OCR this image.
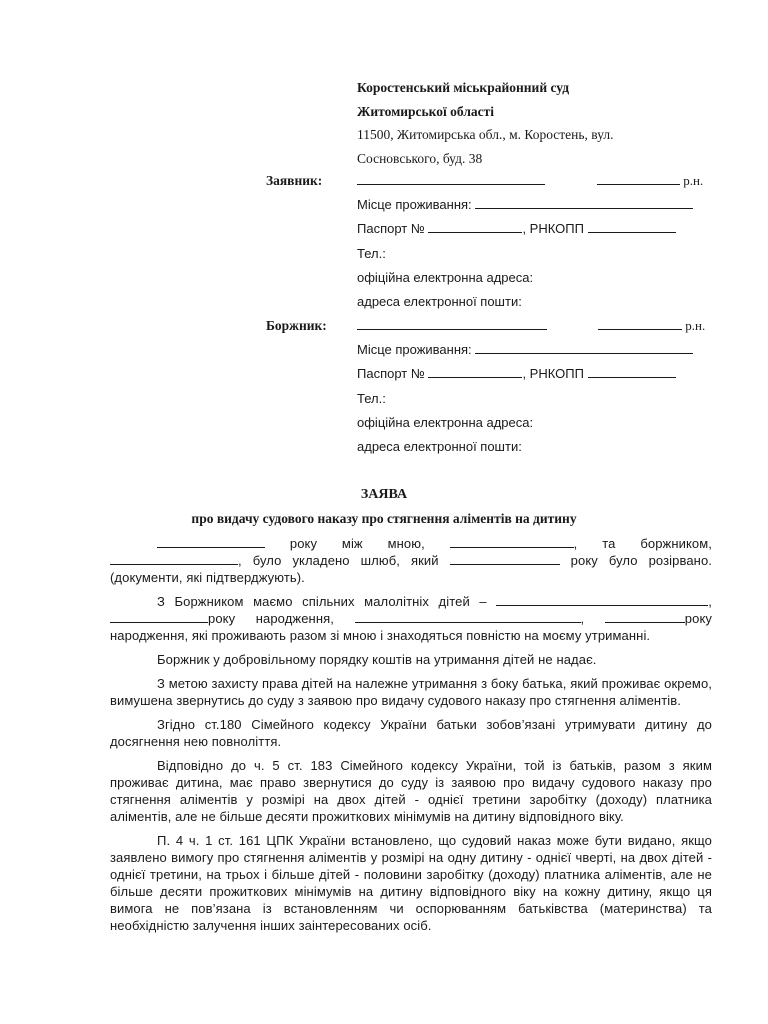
Коростенський міськрайонний суд
Житомирської області
11500, Житомирська обл., м. Коростень, вул.
Сосновського, буд. 38
Заявник:	р.н.
Місце проживання:
Паспорт №	, РНКОПП
Тел.:
офіційна електронна адреса:
адреса електронної пошти:
Боржник:	р.н.
Місце проживання:
Паспорт №	, РНКОПП
Тел.:
офіційна електронна адреса:
адреса електронної пошти:
ЗАЯВА
про видачу судового наказу про стягнення аліментів на дитину

року між мною,	, та боржником, , було укладено шлюб, який	року було розірвано. (документи, які підтверджують).

З Боржником маємо спільних малолітніх дітей –	, року народження,	,	року народження, які проживають разом зі мною і знаходяться повністю на моєму утриманні.

Боржник у добровільному порядку коштів на утримання дітей не надає.

З метою захисту права дітей на належне утримання з боку батька, який проживає окремо, вимушена звернутись до суду з заявою про видачу судового наказу про стягнення аліментів.

Згідно ст.180 Сімейного кодексу України батьки зобов’язані утримувати дитину до досягнення нею повноліття.

Відповідно до ч. 5 ст. 183 Сімейного кодексу України, той із батьків, разом з яким проживає дитина, має право звернутися до суду із заявою про видачу судового наказу про стягнення аліментів у розмірі на двох дітей - однієї третини заробітку (доходу) платника аліментів, але не більше десяти прожиткових мінімумів на дитину відповідного віку.

П. 4 ч. 1 ст. 161 ЦПК України встановлено, що судовий наказ може бути видано, якщо заявлено вимогу про стягнення аліментів у розмірі на одну дитину - однієї чверті, на двох дітей - однієї третини, на трьох і більше дітей - половини заробітку (доходу) платника аліментів, але не більше десяти прожиткових мінімумів на дитину відповідного віку на кожну дитину, якщо ця вимога не пов’язана із встановленням чи оспорюванням батьківства (материнства) та необхідністю залучення інших заінтересованих осіб.
